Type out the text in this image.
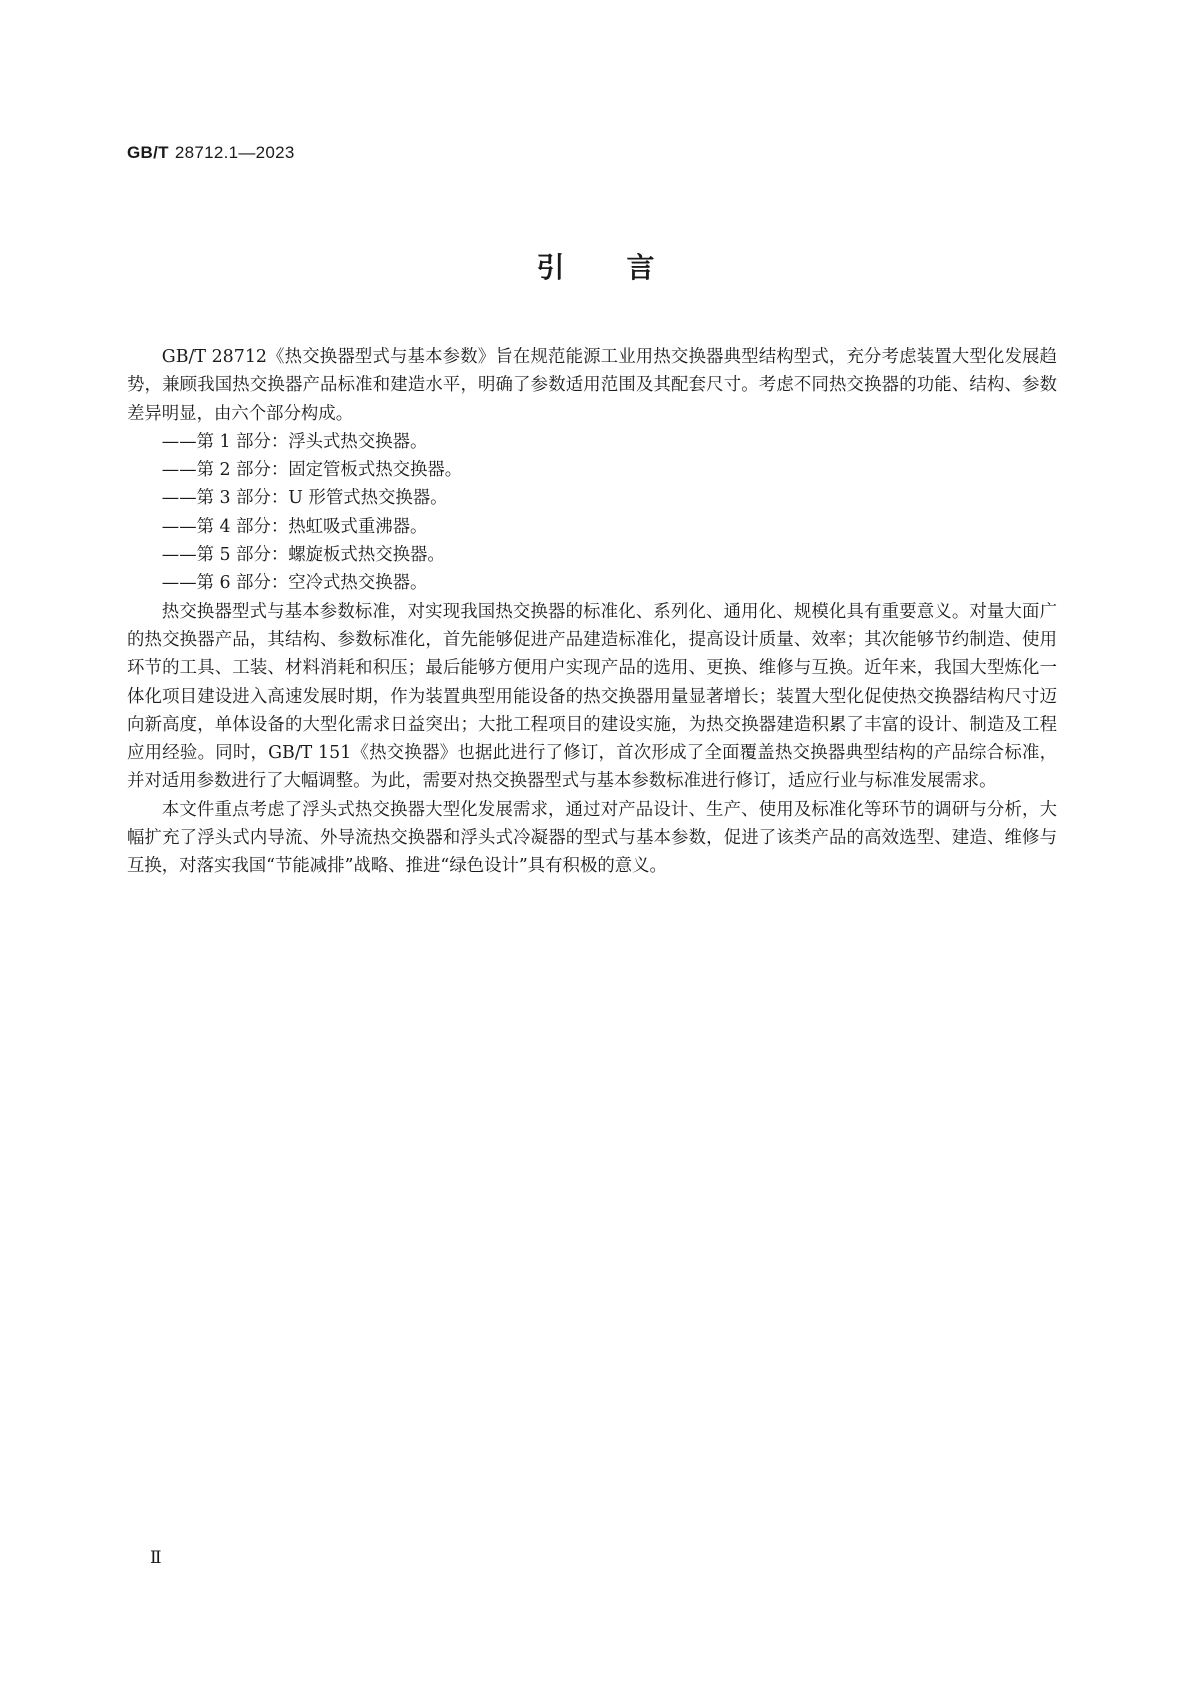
GB/T 28712.1—2023
引言

GB/T 28712《热交换器型式与基本参数》旨在规范能源工业用热交换器典型结构型式，充分考虑装置大型化发展趋势，兼顾我国热交换器产品标准和建造水平，明确了参数适用范围及其配套尺寸。考虑不同热交换器的功能、结构、参数差异明显，由六个部分构成。

——第 1 部分：浮头式热交换器。

——第 2 部分：固定管板式热交换器。

——第 3 部分：U 形管式热交换器。

——第 4 部分：热虹吸式重沸器。

——第 5 部分：螺旋板式热交换器。

——第 6 部分：空冷式热交换器。

热交换器型式与基本参数标准，对实现我国热交换器的标准化、系列化、通用化、规模化具有重要意义。对量大面广的热交换器产品，其结构、参数标准化，首先能够促进产品建造标准化，提高设计质量、效率；其次能够节约制造、使用环节的工具、工装、材料消耗和积压；最后能够方便用户实现产品的选用、更换、维修与互换。近年来，我国大型炼化一体化项目建设进入高速发展时期，作为装置典型用能设备的热交换器用量显著增长；装置大型化促使热交换器结构尺寸迈向新高度，单体设备的大型化需求日益突出；大批工程项目的建设实施，为热交换器建造积累了丰富的设计、制造及工程应用经验。同时，GB/T 151《热交换器》也据此进行了修订，首次形成了全面覆盖热交换器典型结构的产品综合标准，并对适用参数进行了大幅调整。为此，需要对热交换器型式与基本参数标准进行修订，适应行业与标准发展需求。

本文件重点考虑了浮头式热交换器大型化发展需求，通过对产品设计、生产、使用及标准化等环节的调研与分析，大幅扩充了浮头式内导流、外导流热交换器和浮头式冷凝器的型式与基本参数，促进了该类产品的高效选型、建造、维修与互换，对落实我国“节能减排”战略、推进“绿色设计”具有积极的意义。

Ⅱ
